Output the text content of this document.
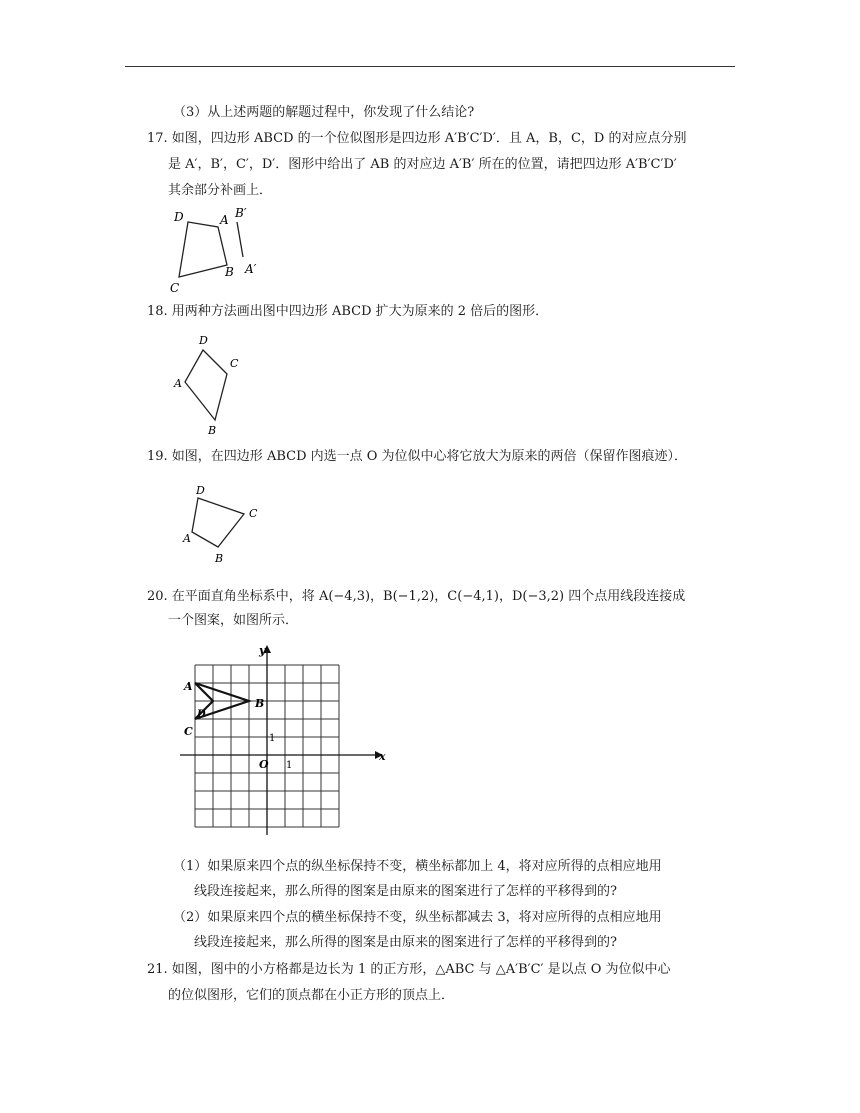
（3）从上述两题的解题过程中，你发现了什么结论?
17. 如图，四边形 ABCD 的一个位似图形是四边形 A′B′C′D′．且 A，B，C，D 的对应点分别
是 A′，B′，C′，D′．图形中给出了 AB 的对应边 A′B′ 所在的位置，请把四边形 A′B′C′D′
其余部分补画上．
D	A
B
C
B′
A′
18. 用两种方法画出图中四边形 ABCD 扩大为原来的 2 倍后的图形．
D
C
A
B
19. 如图，在四边形 ABCD 内选一点 O 为位似中心将它放大为原来的两倍（保留作图痕迹）．
D
C
A
B
20. 在平面直角坐标系中，将 A(−4,3)，B(−1,2)，C(−4,1)，D(−3,2) 四个点用线段连接成
一个图案，如图所示．
y
x
O 1
1
A
B
C
D
（1）如果原来四个点的纵坐标保持不变，横坐标都加上 4，将对应所得的点相应地用
线段连接起来，那么所得的图案是由原来的图案进行了怎样的平移得到的?
（2）如果原来四个点的横坐标保持不变，纵坐标都减去 3，将对应所得的点相应地用
线段连接起来，那么所得的图案是由原来的图案进行了怎样的平移得到的?
21. 如图，图中的小方格都是边长为 1 的正方形，△ABC 与 △A′B′C′ 是以点 O 为位似中心
的位似图形，它们的顶点都在小正方形的顶点上．
